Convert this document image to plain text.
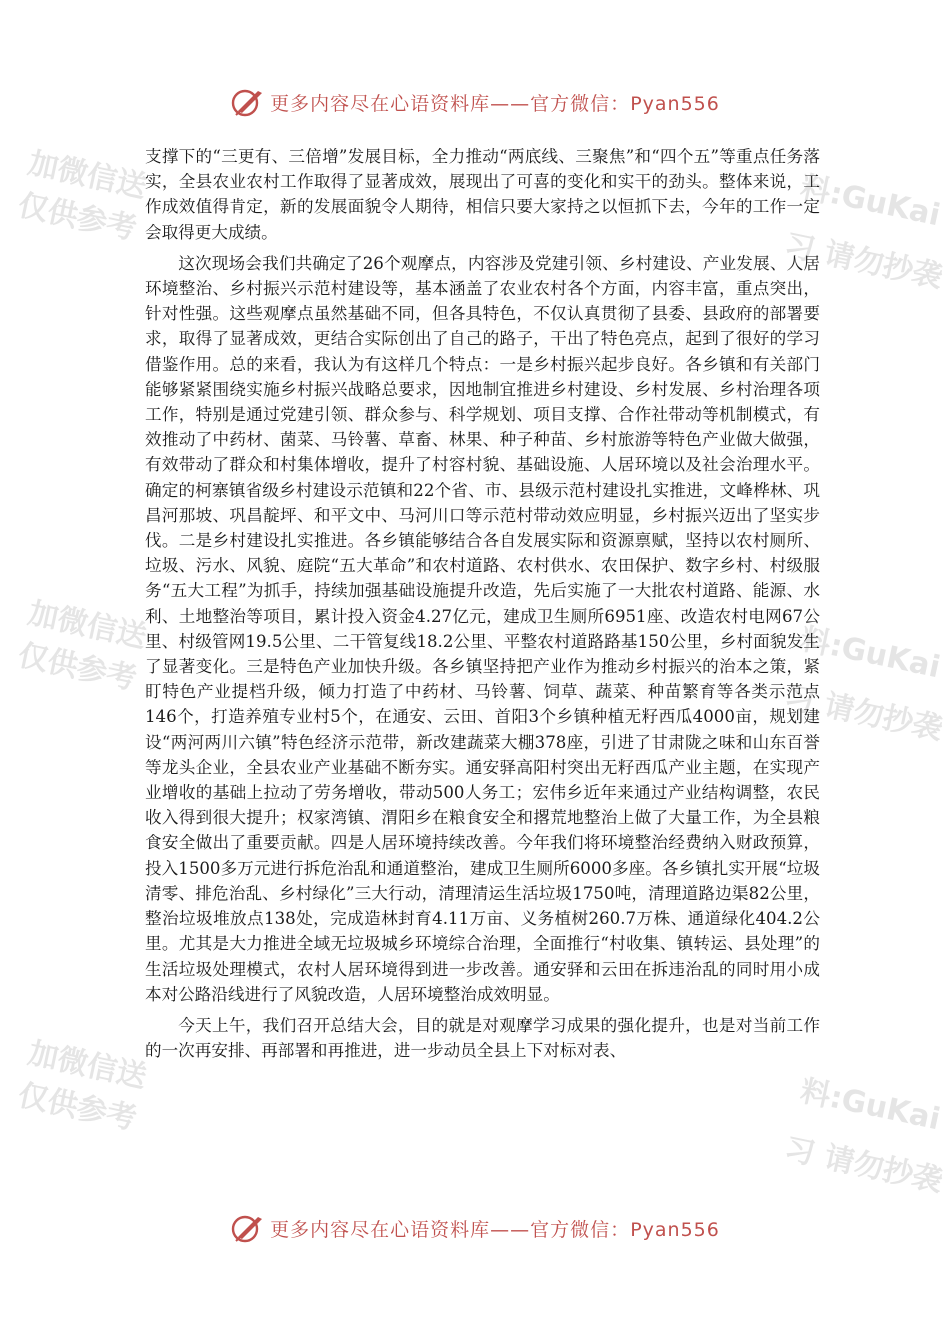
加微信送
仅供参考	料:GuKai
习 请勿抄袭
加微信送
仅供参考	料:GuKai
习 请勿抄袭
加微信送
仅供参考	料:GuKai
习 请勿抄袭
更多内容尽在心语资料库——官方微信：Pyan556

支撑下的“三更有、三倍增”发展目标，全力推动“两底线、三聚焦”和“四个五”等重点任务落实，全县农业农村工作取得了显著成效，展现出了可喜的变化和实干的劲头。整体来说，工作成效值得肯定，新的发展面貌令人期待，相信只要大家持之以恒抓下去，今年的工作一定会取得更大成绩。

这次现场会我们共确定了26个观摩点，内容涉及党建引领、乡村建设、产业发展、人居环境整治、乡村振兴示范村建设等，基本涵盖了农业农村各个方面，内容丰富，重点突出，针对性强。这些观摩点虽然基础不同，但各具特色，不仅认真贯彻了县委、县政府的部署要求，取得了显著成效，更结合实际创出了自己的路子，干出了特色亮点，起到了很好的学习借鉴作用。总的来看，我认为有这样几个特点：一是乡村振兴起步良好。各乡镇和有关部门能够紧紧围绕实施乡村振兴战略总要求，因地制宜推进乡村建设、乡村发展、乡村治理各项工作，特别是通过党建引领、群众参与、科学规划、项目支撑、合作社带动等机制模式，有效推动了中药材、菌菜、马铃薯、草畜、林果、种子种苗、乡村旅游等特色产业做大做强，有效带动了群众和村集体增收，提升了村容村貌、基础设施、人居环境以及社会治理水平。确定的柯寨镇省级乡村建设示范镇和22个省、市、县级示范村建设扎实推进，文峰桦林、巩昌河那坡、巩昌靛坪、和平文中、马河川口等示范村带动效应明显，乡村振兴迈出了坚实步伐。二是乡村建设扎实推进。各乡镇能够结合各自发展实际和资源禀赋，坚持以农村厕所、垃圾、污水、风貌、庭院“五大革命”和农村道路、农村供水、农田保护、数字乡村、村级服务“五大工程”为抓手，持续加强基础设施提升改造，先后实施了一大批农村道路、能源、水利、土地整治等项目，累计投入资金4.27亿元，建成卫生厕所6951座、改造农村电网67公里、村级管网19.5公里、二干管复线18.2公里、平整农村道路路基150公里，乡村面貌发生了显著变化。三是特色产业加快升级。各乡镇坚持把产业作为推动乡村振兴的治本之策，紧盯特色产业提档升级，倾力打造了中药材、马铃薯、饲草、蔬菜、种苗繁育等各类示范点146个，打造养殖专业村5个，在通安、云田、首阳3个乡镇种植无籽西瓜4000亩，规划建设“两河两川六镇”特色经济示范带，新改建蔬菜大棚378座，引进了甘肃陇之味和山东百誉等龙头企业，全县农业产业基础不断夯实。通安驿高阳村突出无籽西瓜产业主题，在实现产业增收的基础上拉动了劳务增收，带动500人务工；宏伟乡近年来通过产业结构调整，农民收入得到很大提升；权家湾镇、渭阳乡在粮食安全和撂荒地整治上做了大量工作，为全县粮食安全做出了重要贡献。四是人居环境持续改善。今年我们将环境整治经费纳入财政预算，投入1500多万元进行拆危治乱和通道整治，建成卫生厕所6000多座。各乡镇扎实开展“垃圾清零、排危治乱、乡村绿化”三大行动，清理清运生活垃圾1750吨，清理道路边渠82公里，整治垃圾堆放点138处，完成造林封育4.11万亩、义务植树260.7万株、通道绿化404.2公里。尤其是大力推进全域无垃圾城乡环境综合治理，全面推行“村收集、镇转运、县处理”的生活垃圾处理模式，农村人居环境得到进一步改善。通安驿和云田在拆违治乱的同时用小成本对公路沿线进行了风貌改造，人居环境整治成效明显。

今天上午，我们召开总结大会，目的就是对观摩学习成果的强化提升，也是对当前工作的一次再安排、再部署和再推进，进一步动员全县上下对标对表、

更多内容尽在心语资料库——官方微信：Pyan556
